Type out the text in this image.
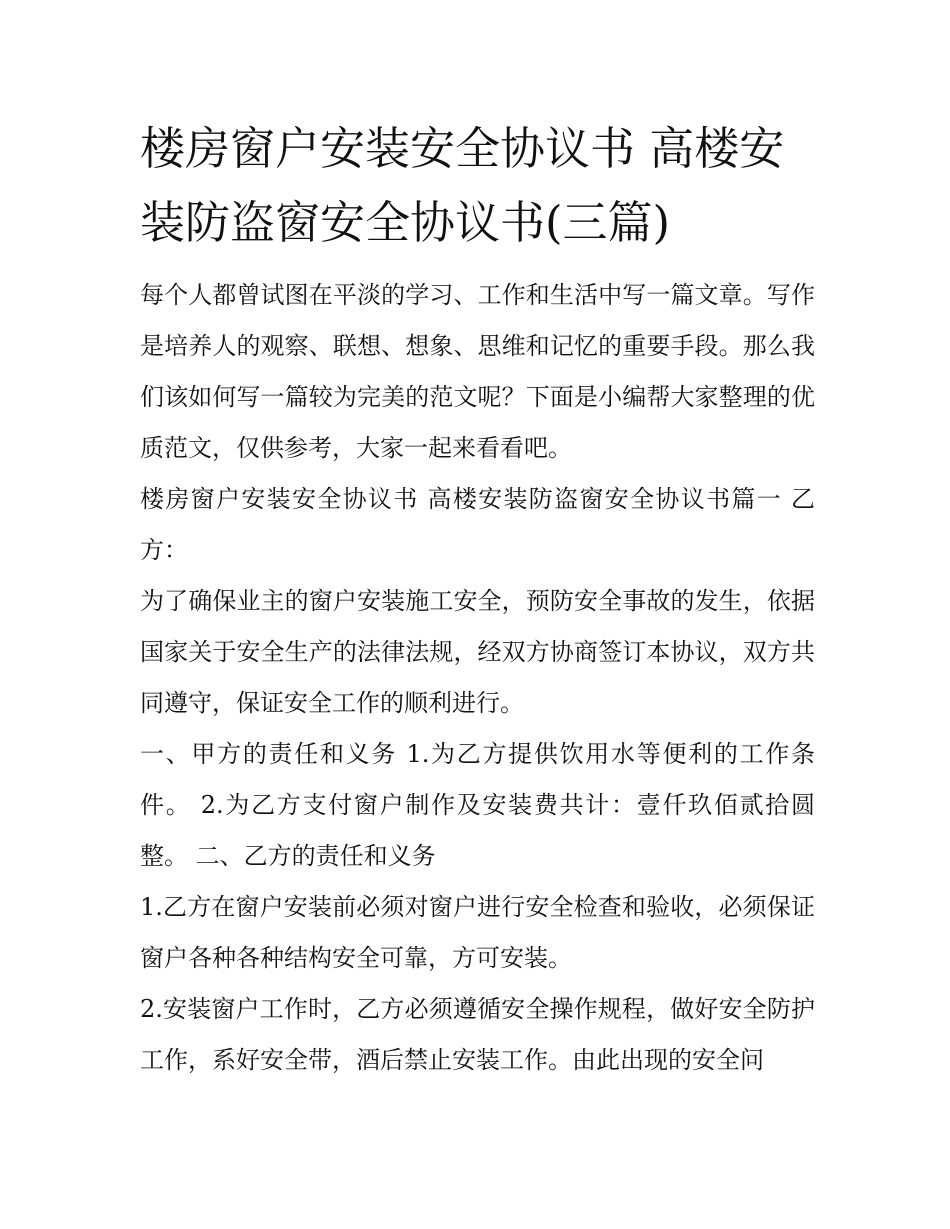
楼房窗户安装安全协议书 高楼安装防盗窗安全协议书(三篇)

每个人都曾试图在平淡的学习、工作和生活中写一篇文章。写作是培养人的观察、联想、想象、思维和记忆的重要手段。那么我们该如何写一篇较为完美的范文呢？下面是小编帮大家整理的优质范文，仅供参考，大家一起来看看吧。

楼房窗户安装安全协议书 高楼安装防盗窗安全协议书篇一 乙方：

为了确保业主的窗户安装施工安全，预防安全事故的发生，依据国家关于安全生产的法律法规，经双方协商签订本协议，双方共同遵守，保证安全工作的顺利进行。

一、甲方的责任和义务 1.为乙方提供饮用水等便利的工作条件。 2.为乙方支付窗户制作及安装费共计：壹仟玖佰贰拾圆整。 二、乙方的责任和义务

1.乙方在窗户安装前必须对窗户进行安全检查和验收，必须保证窗户各种各种结构安全可靠，方可安装。

2.安装窗户工作时，乙方必须遵循安全操作规程，做好安全防护工作，系好安全带，酒后禁止安装工作。由此出现的安全问
